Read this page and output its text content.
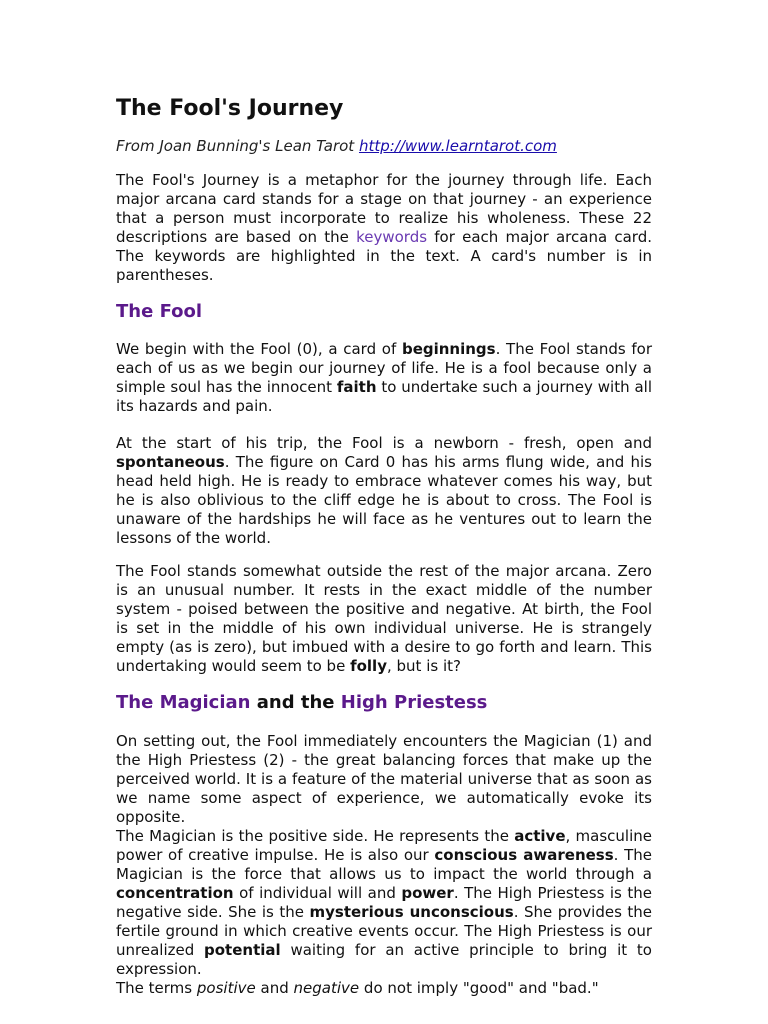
The Fool's Journey

From Joan Bunning's Lean Tarot http://www.learntarot.com

The Fool's Journey is a metaphor for the journey through life. Each major arcana card stands for a stage on that journey - an experience that a person must incorporate to realize his wholeness. These 22 descriptions are based on the keywords for each major arcana card. The keywords are highlighted in the text. A card's number is in parentheses.

The Fool

We begin with the Fool (0), a card of beginnings. The Fool stands for each of us as we begin our journey of life. He is a fool because only a simple soul has the innocent faith to undertake such a journey with all its hazards and pain.

At the start of his trip, the Fool is a newborn - fresh, open and spontaneous. The figure on Card 0 has his arms flung wide, and his head held high. He is ready to embrace whatever comes his way, but he is also oblivious to the cliff edge he is about to cross. The Fool is unaware of the hardships he will face as he ventures out to learn the lessons of the world.

The Fool stands somewhat outside the rest of the major arcana. Zero is an unusual number. It rests in the exact middle of the number system - poised between the positive and negative. At birth, the Fool is set in the middle of his own individual universe. He is strangely empty (as is zero), but imbued with a desire to go forth and learn. This undertaking would seem to be folly, but is it?

The Magician and the High Priestess

On setting out, the Fool immediately encounters the Magician (1) and the High Priestess (2) - the great balancing forces that make up the perceived world. It is a feature of the material universe that as soon as we name some aspect of experience, we automatically evoke its opposite.

The Magician is the positive side. He represents the active, masculine power of creative impulse. He is also our conscious awareness. The Magician is the force that allows us to impact the world through a concentration of individual will and power. The High Priestess is the negative side. She is the mysterious unconscious. She provides the fertile ground in which creative events occur. The High Priestess is our unrealized potential waiting for an active principle to bring it to expression.

The terms positive and negative do not imply "good" and "bad."
